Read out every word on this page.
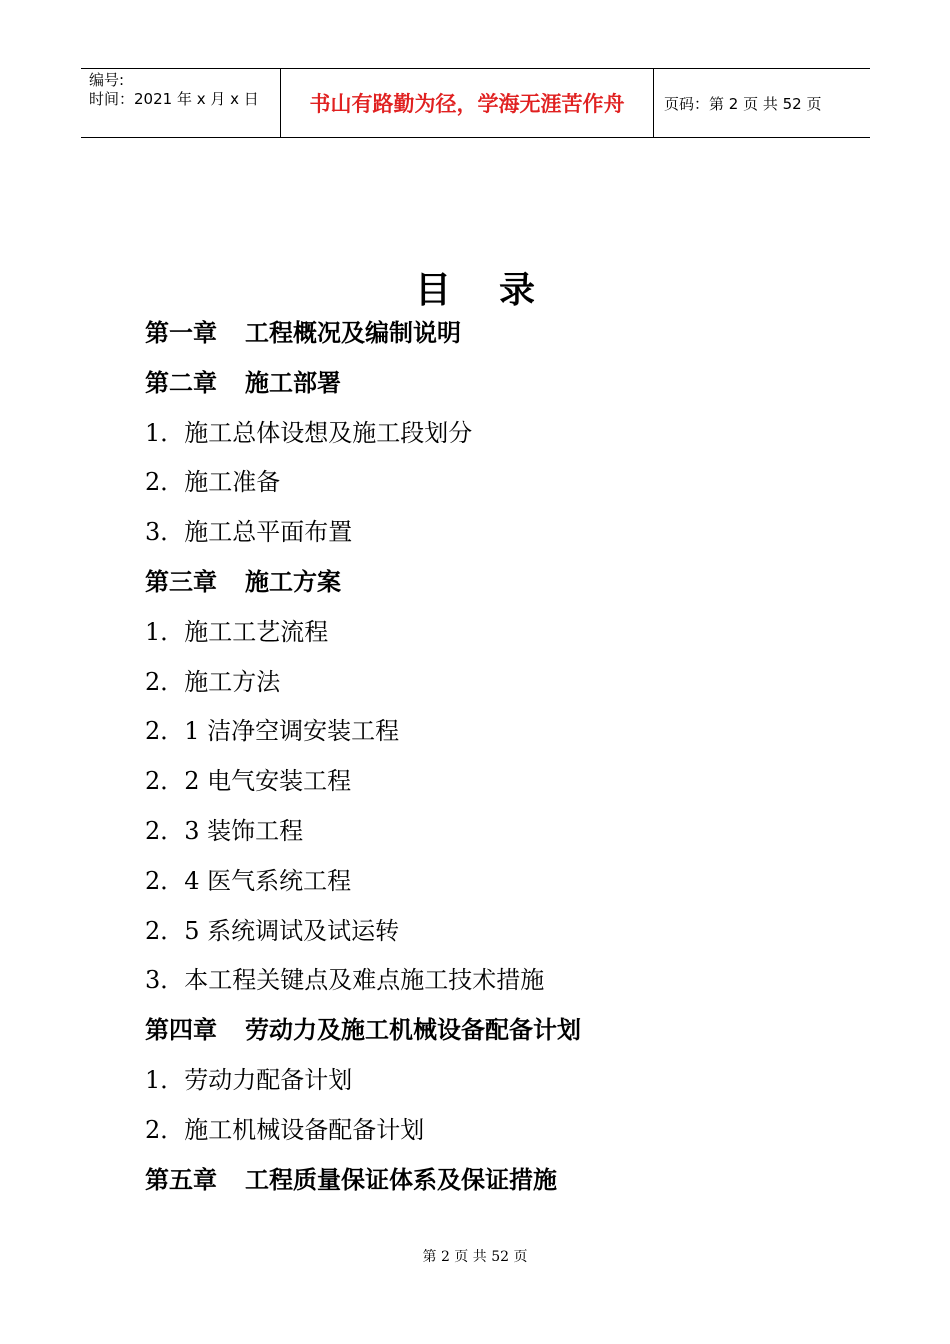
编号:
时间：2021 年 x 月 x 日	书山有路勤为径，学海无涯苦作舟	页码：第 2 页 共 52 页
目录
第一章 工程概况及编制说明
第二章 施工部署
1．施工总体设想及施工段划分
2．施工准备
3．施工总平面布置
第三章 施工方案
1．施工工艺流程
2．施工方法
2．1 洁净空调安装工程
2．2 电气安装工程
2．3 装饰工程
2．4 医气系统工程
2．5 系统调试及试运转
3．本工程关键点及难点施工技术措施
第四章 劳动力及施工机械设备配备计划
1．劳动力配备计划
2．施工机械设备配备计划
第五章 工程质量保证体系及保证措施
第 2 页 共 52 页
